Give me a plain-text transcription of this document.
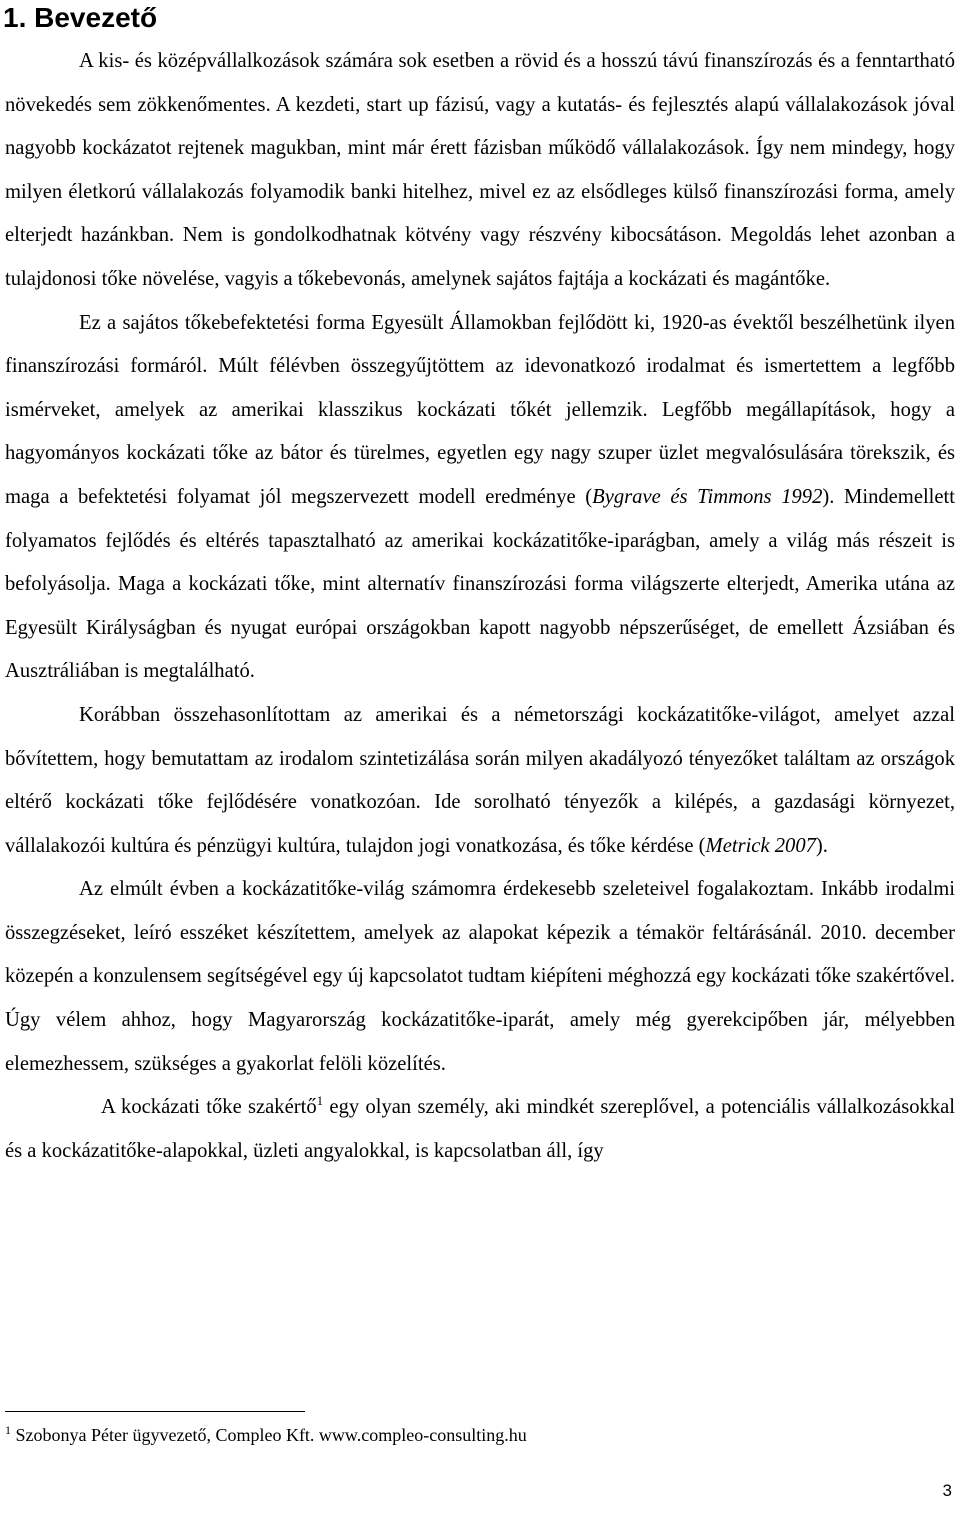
1. Bevezető

A kis- és középvállalkozások számára sok esetben a rövid és a hosszú távú finanszírozás és a fenntartható növekedés sem zökkenőmentes. A kezdeti, start up fázisú, vagy a kutatás- és fejlesztés alapú vállalakozások jóval nagyobb kockázatot rejtenek magukban, mint már érett fázisban működő vállalakozások. Így nem mindegy, hogy milyen életkorú vállalakozás folyamodik banki hitelhez, mivel ez az elsődleges külső finanszírozási forma, amely elterjedt hazánkban. Nem is gondolkodhatnak kötvény vagy részvény kibocsátáson. Megoldás lehet azonban a tulajdonosi tőke növelése, vagyis a tőkebevonás, amelynek sajátos fajtája a kockázati és magántőke.

Ez a sajátos tőkebefektetési forma Egyesült Államokban fejlődött ki, 1920-as évektől beszélhetünk ilyen finanszírozási formáról. Múlt félévben összegyűjtöttem az idevonatkozó irodalmat és ismertettem a legfőbb ismérveket, amelyek az amerikai klasszikus kockázati tőkét jellemzik. Legfőbb megállapítások, hogy a hagyományos kockázati tőke az bátor és türelmes, egyetlen egy nagy szuper üzlet megvalósulására törekszik, és maga a befektetési folyamat jól megszervezett modell eredménye (Bygrave és Timmons 1992). Mindemellett folyamatos fejlődés és eltérés tapasztalható az amerikai kockázatitőke-iparágban, amely a világ más részeit is befolyásolja. Maga a kockázati tőke, mint alternatív finanszírozási forma világszerte elterjedt, Amerika utána az Egyesült Királyságban és nyugat európai országokban kapott nagyobb népszerűséget, de emellett Ázsiában és Ausztráliában is megtalálható.

Korábban összehasonlítottam az amerikai és a németországi kockázatitőke-világot, amelyet azzal bővítettem, hogy bemutattam az irodalom szintetizálása során milyen akadályozó tényezőket találtam az országok eltérő kockázati tőke fejlődésére vonatkozóan. Ide sorolható tényezők a kilépés, a gazdasági környezet, vállalakozói kultúra és pénzügyi kultúra, tulajdon jogi vonatkozása, és tőke kérdése (Metrick 2007).

Az elmúlt évben a kockázatitőke-világ számomra érdekesebb szeleteivel fogalakoztam. Inkább irodalmi összegzéseket, leíró esszéket készítettem, amelyek az alapokat képezik a témakör feltárásánál. 2010. december közepén a konzulensem segítségével egy új kapcsolatot tudtam kiépíteni méghozzá egy kockázati tőke szakértővel. Úgy vélem ahhoz, hogy Magyarország kockázatitőke-iparát, amely még gyerekcipőben jár, mélyebben elemezhessem, szükséges a gyakorlat felöli közelítés.

A kockázati tőke szakértő$^1$ egy olyan személy, aki mindkét szereplővel, a potenciális vállalkozásokkal és a kockázatitőke-alapokkal, üzleti angyalokkal, is kapcsolatban áll, így

$^1$ Szobonya Péter ügyvezető, Compleo Kft. www.compleo-consulting.hu
3
